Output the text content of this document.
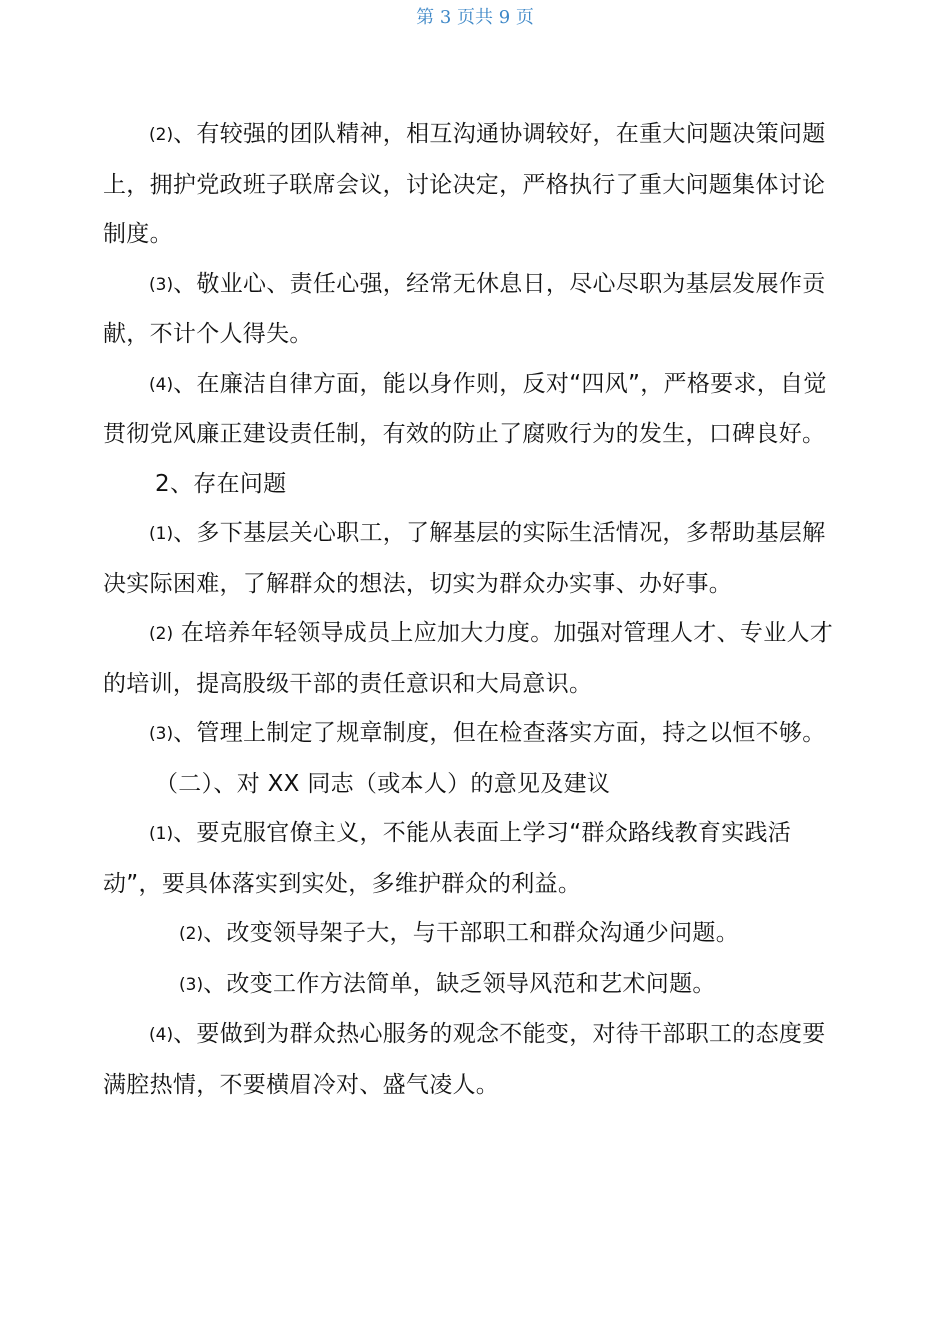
第 3 页共 9 页

(2)、有较强的团队精神，相互沟通协调较好，在重大问题决策问题上，拥护党政班子联席会议，讨论决定，严格执行了重大问题集体讨论制度。

(3)、敬业心、责任心强，经常无休息日，尽心尽职为基层发展作贡献，不计个人得失。

(4)、在廉洁自律方面，能以身作则，反对“四风”，严格要求，自觉贯彻党风廉正建设责任制，有效的防止了腐败行为的发生，口碑良好。

2、存在问题

(1)、多下基层关心职工，了解基层的实际生活情况，多帮助基层解决实际困难，了解群众的想法，切实为群众办实事、办好事。

(2) 在培养年轻领导成员上应加大力度。加强对管理人才、专业人才的培训，提高股级干部的责任意识和大局意识。

(3)、管理上制定了规章制度，但在检查落实方面，持之以恒不够。

（二）、对 XX 同志（或本人）的意见及建议

(1)、要克服官僚主义，不能从表面上学习“群众路线教育实践活动”，要具体落实到实处，多维护群众的利益。

(2)、改变领导架子大，与干部职工和群众沟通少问题。

(3)、改变工作方法简单，缺乏领导风范和艺术问题。

(4)、要做到为群众热心服务的观念不能变，对待干部职工的态度要满腔热情，不要横眉冷对、盛气凌人。
